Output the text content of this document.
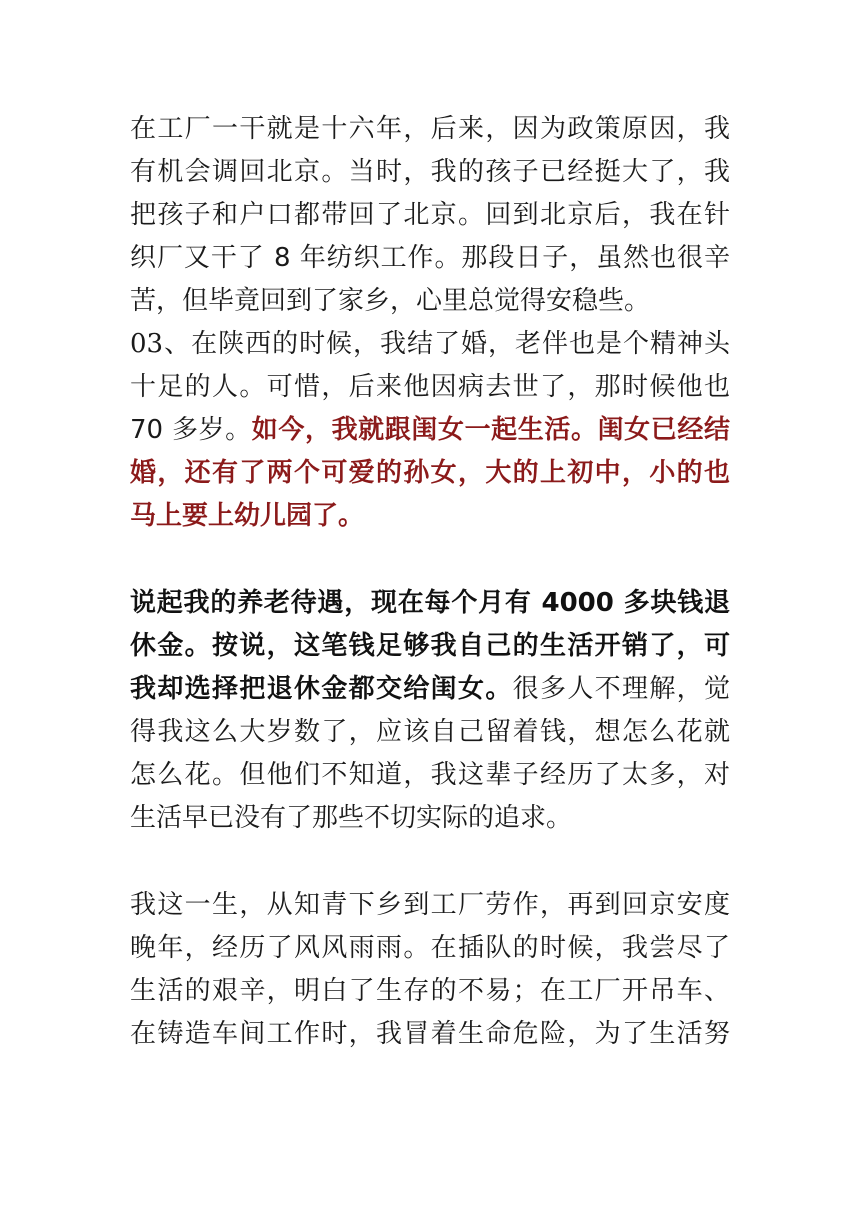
在工厂一干就是十六年，后来，因为政策原因，我
有机会调回北京。当时，我的孩子已经挺大了，我
把孩子和户口都带回了北京。回到北京后，我在针
织厂又干了 8 年纺织工作。那段日子，虽然也很辛
苦，但毕竟回到了家乡，心里总觉得安稳些。
03、在陕西的时候，我结了婚，老伴也是个精神头
十足的人。可惜，后来他因病去世了，那时候他也
70 多岁。如今，我就跟闺女一起生活。闺女已经结
婚，还有了两个可爱的孙女，大的上初中，小的也
马上要上幼儿园了。
说起我的养老待遇，现在每个月有 4000 多块钱退
休金。按说，这笔钱足够我自己的生活开销了，可
我却选择把退休金都交给闺女。很多人不理解，觉
得我这么大岁数了，应该自己留着钱，想怎么花就
怎么花。但他们不知道，我这辈子经历了太多，对
生活早已没有了那些不切实际的追求。
我这一生，从知青下乡到工厂劳作，再到回京安度
晚年，经历了风风雨雨。在插队的时候，我尝尽了
生活的艰辛，明白了生存的不易；在工厂开吊车、
在铸造车间工作时，我冒着生命危险，为了生活努
